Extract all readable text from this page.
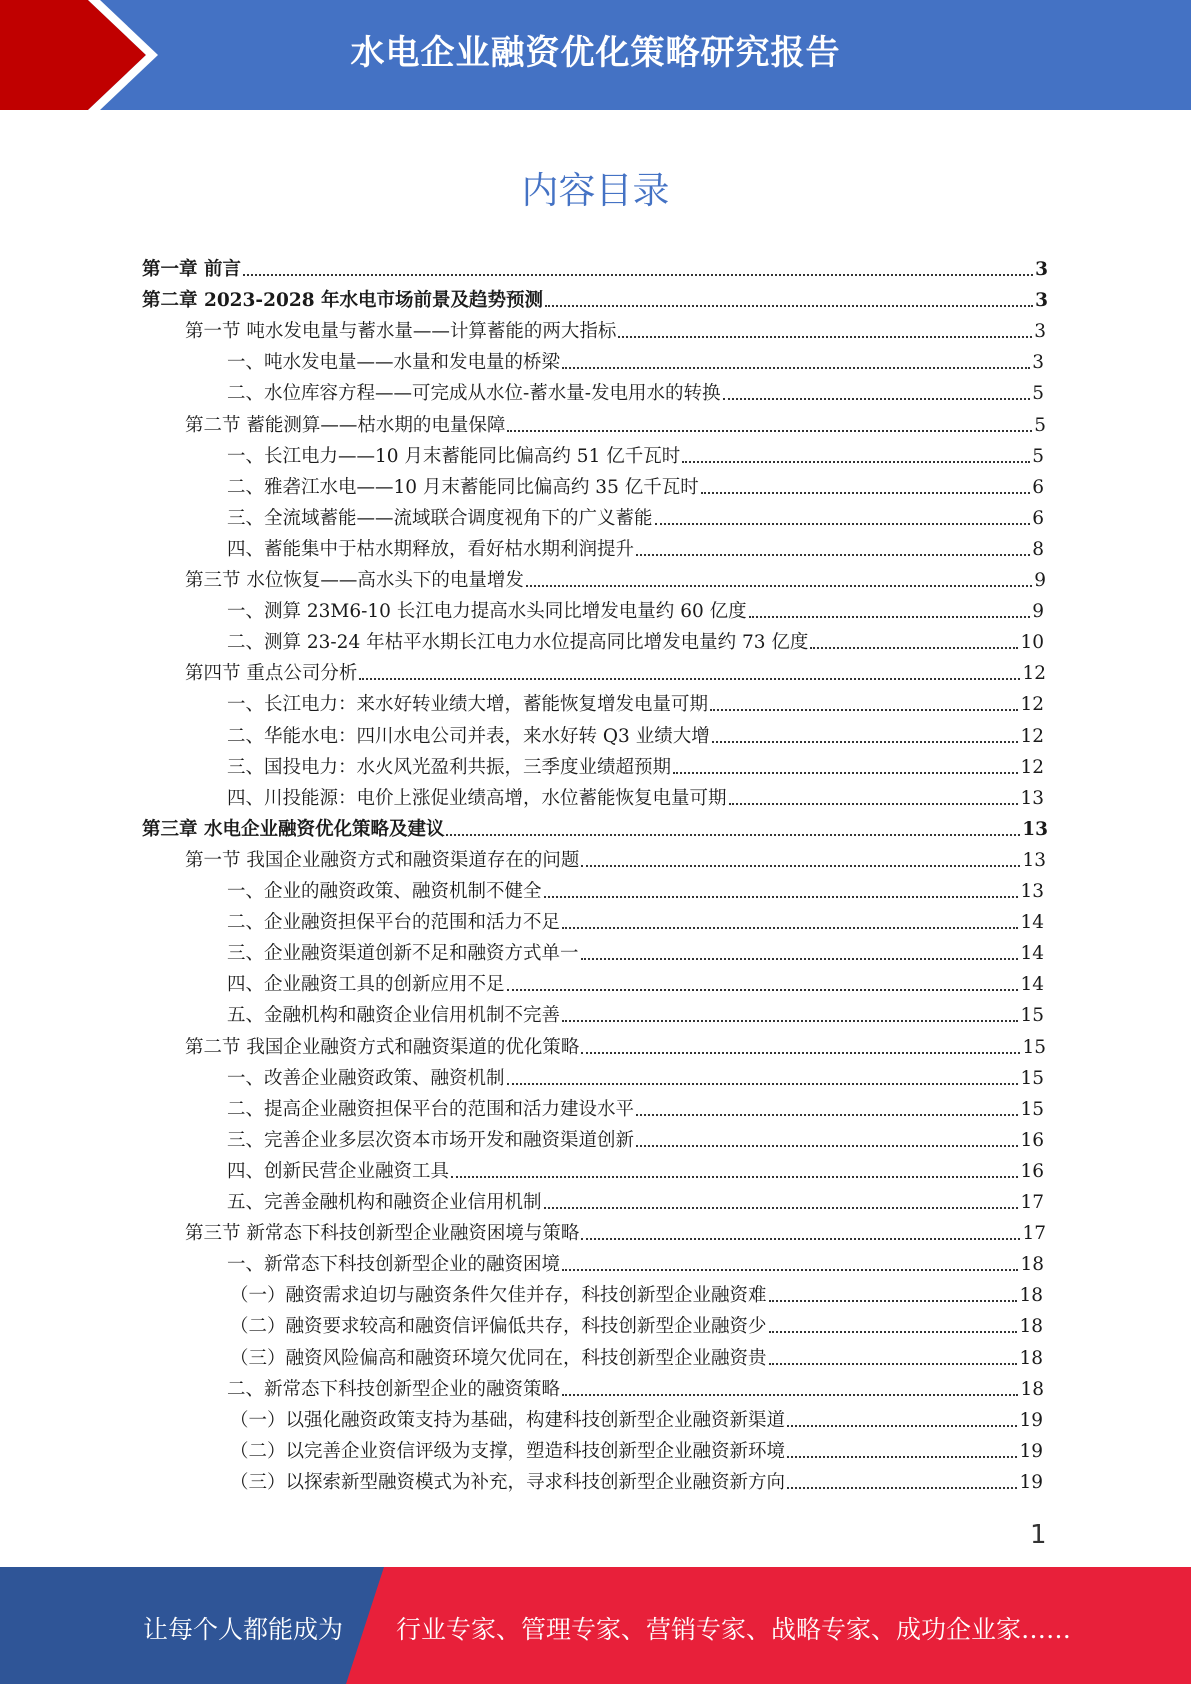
水电企业融资优化策略研究报告
内容目录
第一章 前言	3
第二章 2023-2028 年水电市场前景及趋势预测	3
第一节 吨水发电量与蓄水量——计算蓄能的两大指标	3
一、吨水发电量——水量和发电量的桥梁	3
二、水位库容方程——可完成从水位-蓄水量-发电用水的转换	5
第二节 蓄能测算——枯水期的电量保障	5
一、长江电力——10 月末蓄能同比偏高约 51 亿千瓦时	5
二、雅砻江水电——10 月末蓄能同比偏高约 35 亿千瓦时	6
三、全流域蓄能——流域联合调度视角下的广义蓄能	6
四、蓄能集中于枯水期释放，看好枯水期利润提升	8
第三节 水位恢复——高水头下的电量增发	9
一、测算 23M6-10 长江电力提高水头同比增发电量约 60 亿度	9
二、测算 23-24 年枯平水期长江电力水位提高同比增发电量约 73 亿度	10
第四节 重点公司分析	12
一、长江电力：来水好转业绩大增，蓄能恢复增发电量可期	12
二、华能水电：四川水电公司并表，来水好转 Q3 业绩大增	12
三、国投电力：水火风光盈利共振，三季度业绩超预期	12
四、川投能源：电价上涨促业绩高增，水位蓄能恢复电量可期	13
第三章 水电企业融资优化策略及建议	13
第一节 我国企业融资方式和融资渠道存在的问题	13
一、企业的融资政策、融资机制不健全	13
二、企业融资担保平台的范围和活力不足	14
三、企业融资渠道创新不足和融资方式单一	14
四、企业融资工具的创新应用不足	14
五、金融机构和融资企业信用机制不完善	15
第二节 我国企业融资方式和融资渠道的优化策略	15
一、改善企业融资政策、融资机制	15
二、提高企业融资担保平台的范围和活力建设水平	15
三、完善企业多层次资本市场开发和融资渠道创新	16
四、创新民营企业融资工具	16
五、完善金融机构和融资企业信用机制	17
第三节 新常态下科技创新型企业融资困境与策略	17
一、新常态下科技创新型企业的融资困境	18
（一）融资需求迫切与融资条件欠佳并存，科技创新型企业融资难	18
（二）融资要求较高和融资信评偏低共存，科技创新型企业融资少	18
（三）融资风险偏高和融资环境欠优同在，科技创新型企业融资贵	18
二、新常态下科技创新型企业的融资策略	18
（一）以强化融资政策支持为基础，构建科技创新型企业融资新渠道	19
（二）以完善企业资信评级为支撑，塑造科技创新型企业融资新环境	19
（三）以探索新型融资模式为补充，寻求科技创新型企业融资新方向	19
1
让每个人都能成为 行业专家、管理专家、营销专家、战略专家、成功企业家……
